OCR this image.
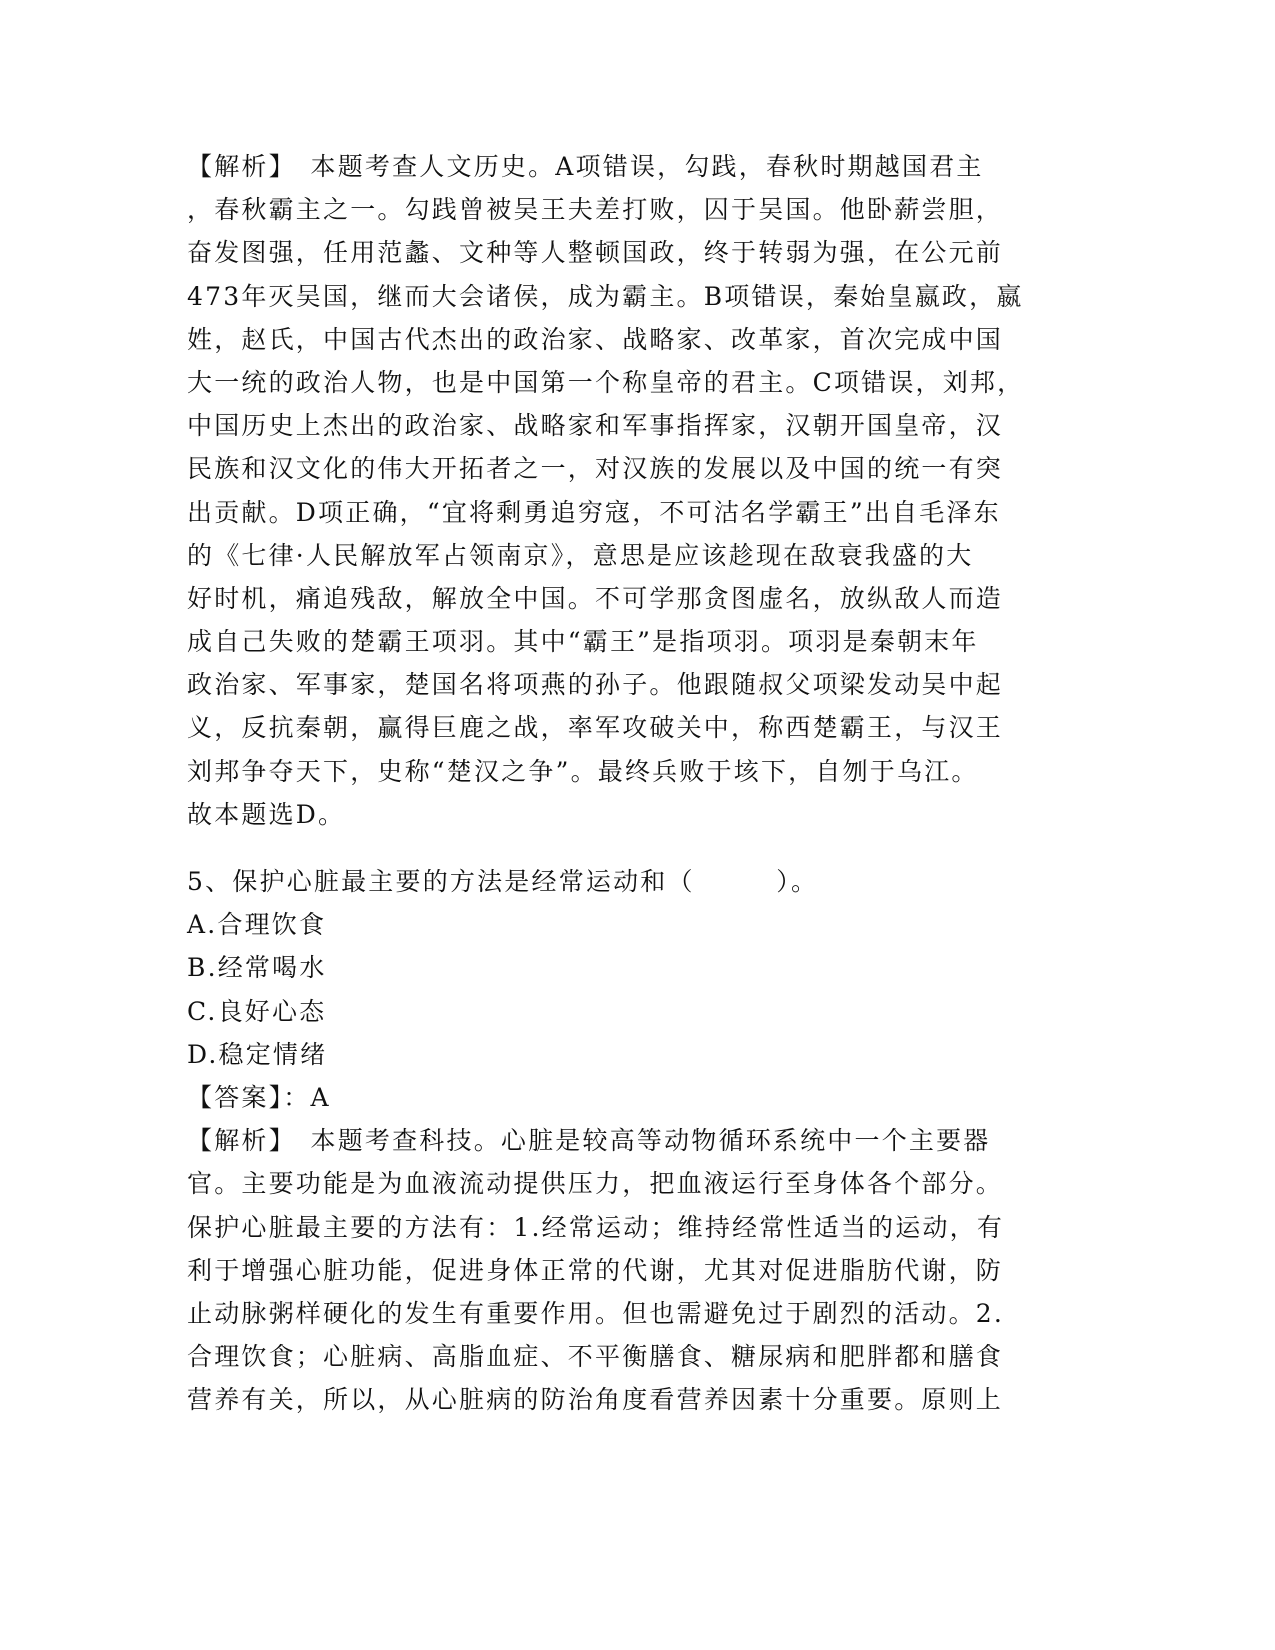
【解析】　本题考查人文历史。A项错误，勾践，春秋时期越国君主
，春秋霸主之一。勾践曾被吴王夫差打败，囚于吴国。他卧薪尝胆，
奋发图强，任用范蠡、文种等人整顿国政，终于转弱为强，在公元前
473年灭吴国，继而大会诸侯，成为霸主。B项错误，秦始皇嬴政，嬴
姓，赵氏，中国古代杰出的政治家、战略家、改革家，首次完成中国
大一统的政治人物，也是中国第一个称皇帝的君主。C项错误，刘邦，
中国历史上杰出的政治家、战略家和军事指挥家，汉朝开国皇帝，汉
民族和汉文化的伟大开拓者之一，对汉族的发展以及中国的统一有突
出贡献。D项正确，“宜将剩勇追穷寇，不可沽名学霸王”出自毛泽东
的《七律·人民解放军占领南京》，意思是应该趁现在敌衰我盛的大
好时机，痛追残敌，解放全中国。不可学那贪图虚名，放纵敌人而造
成自己失败的楚霸王项羽。其中“霸王”是指项羽。项羽是秦朝末年
政治家、军事家，楚国名将项燕的孙子。他跟随叔父项梁发动吴中起
义，反抗秦朝，赢得巨鹿之战，率军攻破关中，称西楚霸王，与汉王
刘邦争夺天下，史称“楚汉之争”。最终兵败于垓下，自刎于乌江。
故本题选D。
5、保护心脏最主要的方法是经常运动和（　　　）。
A.合理饮食
B.经常喝水
C.良好心态
D.稳定情绪
【答案】：A
【解析】　本题考查科技。心脏是较高等动物循环系统中一个主要器
官。主要功能是为血液流动提供压力，把血液运行至身体各个部分。
保护心脏最主要的方法有：1.经常运动；维持经常性适当的运动，有
利于增强心脏功能，促进身体正常的代谢，尤其对促进脂肪代谢，防
止动脉粥样硬化的发生有重要作用。但也需避免过于剧烈的活动。2.
合理饮食；心脏病、高脂血症、不平衡膳食、糖尿病和肥胖都和膳食
营养有关，所以，从心脏病的防治角度看营养因素十分重要。原则上
